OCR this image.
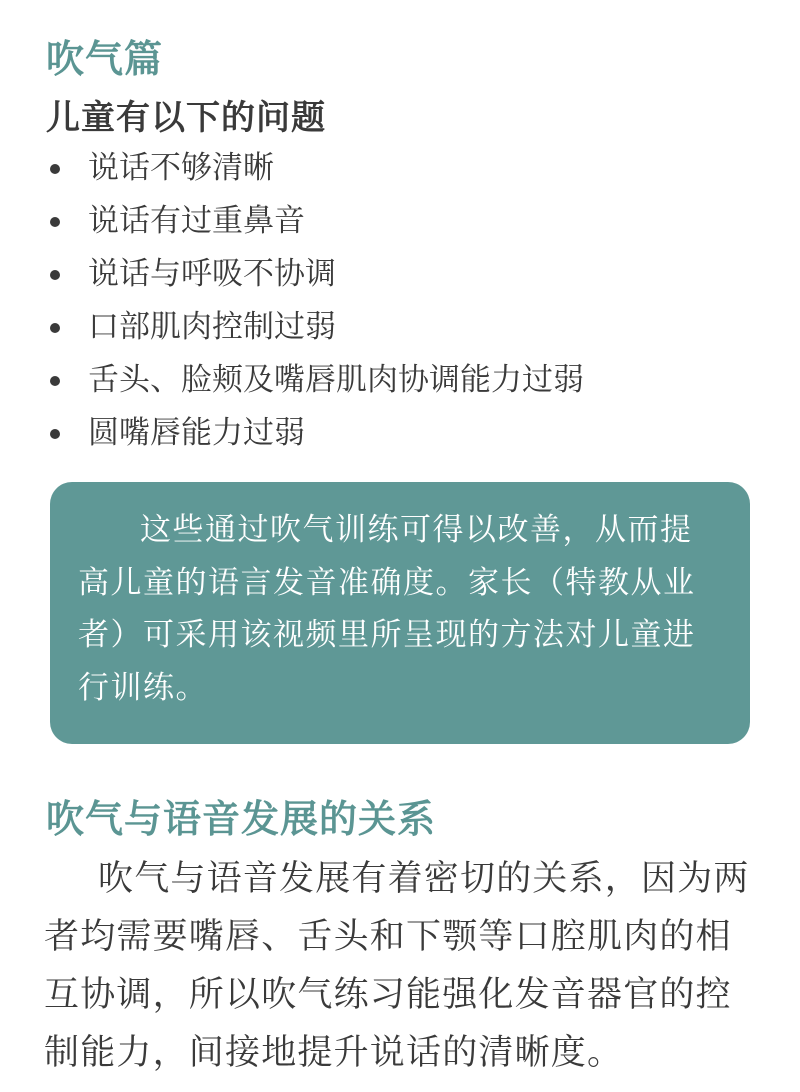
吹气篇
儿童有以下的问题
说话不够清晰
说话有过重鼻音
说话与呼吸不协调
口部肌肉控制过弱
舌头、脸颊及嘴唇肌肉协调能力过弱
圆嘴唇能力过弱

这些通过吹气训练可得以改善，从而提高儿童的语言发音准确度。家长（特教从业者）可采用该视频里所呈现的方法对儿童进行训练。

吹气与语音发展的关系

吹气与语音发展有着密切的关系，因为两者均需要嘴唇、舌头和下颚等口腔肌肉的相互协调，所以吹气练习能强化发音器官的控制能力，间接地提升说话的清晰度。
